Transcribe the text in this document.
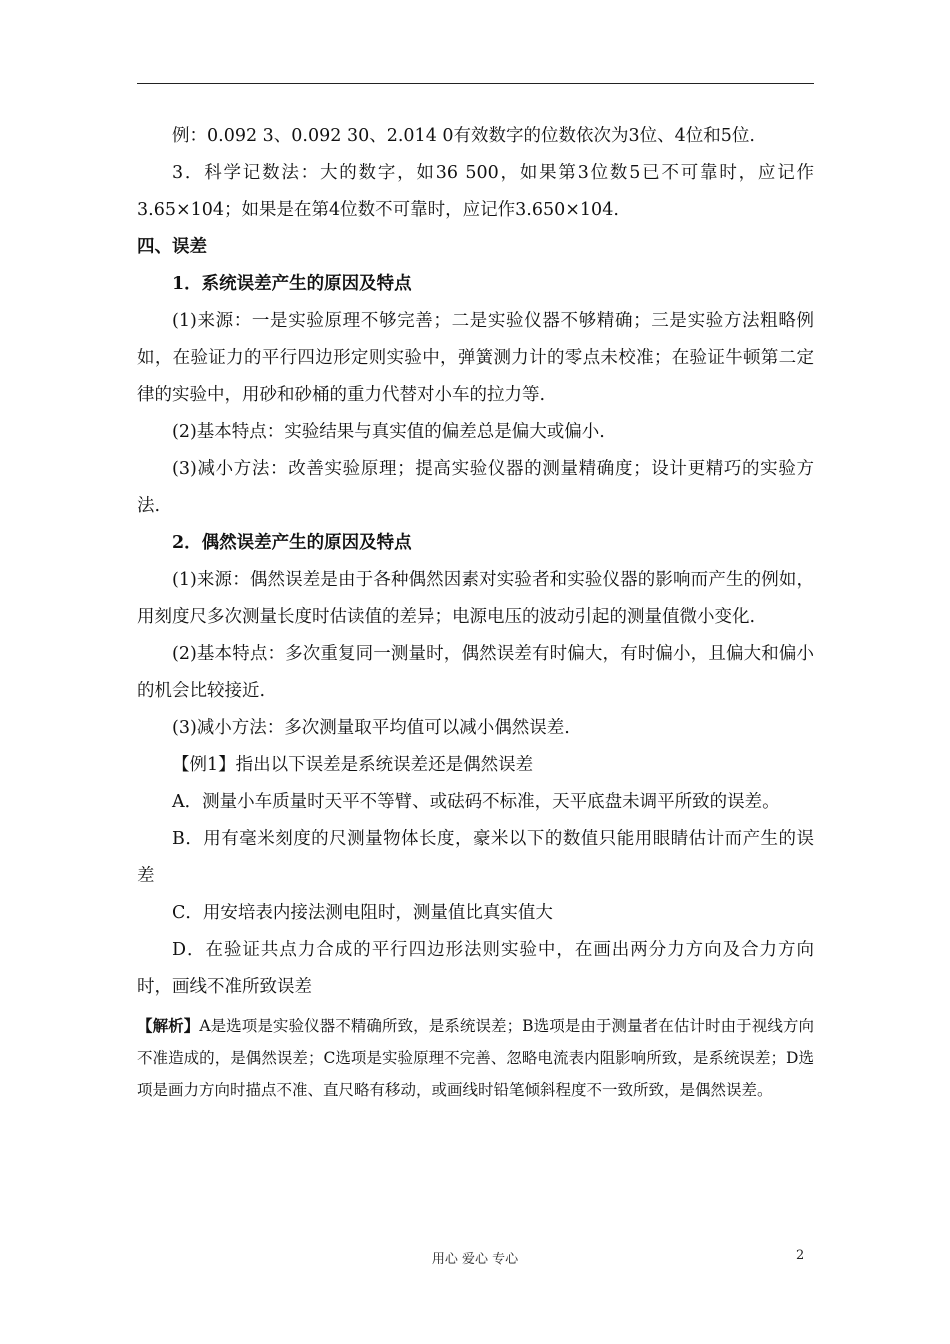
例：0.092 3、0.092 30、2.014 0有效数字的位数依次为3位、4位和5位.

3．科学记数法：大的数字，如36 500，如果第3位数5已不可靠时，应记作3.65×104；如果是在第4位数不可靠时，应记作3.650×104.

四、误差

1．系统误差产生的原因及特点

(1)来源：一是实验原理不够完善；二是实验仪器不够精确；三是实验方法粗略例如，在验证力的平行四边形定则实验中，弹簧测力计的零点未校准；在验证牛顿第二定律的实验中，用砂和砂桶的重力代替对小车的拉力等.

(2)基本特点：实验结果与真实值的偏差总是偏大或偏小.

(3)减小方法：改善实验原理；提高实验仪器的测量精确度；设计更精巧的实验方法.

2．偶然误差产生的原因及特点

(1)来源：偶然误差是由于各种偶然因素对实验者和实验仪器的影响而产生的例如，用刻度尺多次测量长度时估读值的差异；电源电压的波动引起的测量值微小变化.

(2)基本特点：多次重复同一测量时，偶然误差有时偏大，有时偏小，且偏大和偏小的机会比较接近.

(3)减小方法：多次测量取平均值可以减小偶然误差.

【例1】指出以下误差是系统误差还是偶然误差

A．测量小车质量时天平不等臂、或砝码不标准，天平底盘未调平所致的误差。

B．用有毫米刻度的尺测量物体长度，豪米以下的数值只能用眼睛估计而产生的误差

C．用安培表内接法测电阻时，测量值比真实值大

D．在验证共点力合成的平行四边形法则实验中，在画出两分力方向及合力方向时，画线不准所致误差

【解析】A是选项是实验仪器不精确所致，是系统误差；B选项是由于测量者在估计时由于视线方向不准造成的，是偶然误差；C选项是实验原理不完善、忽略电流表内阻影响所致，是系统误差；D选项是画力方向时描点不准、直尺略有移动，或画线时铅笔倾斜程度不一致所致，是偶然误差。

用心 爱心 专心	2
